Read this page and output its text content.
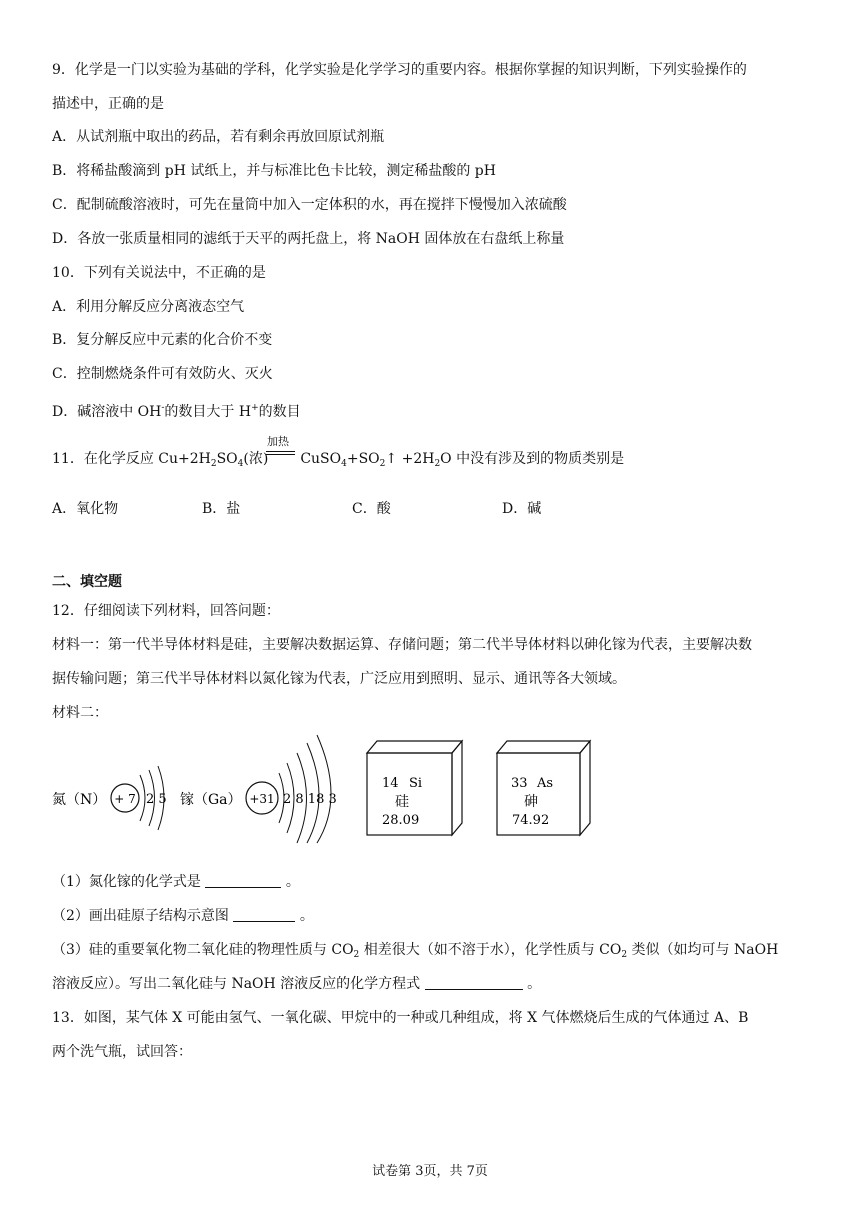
9．化学是一门以实验为基础的学科，化学实验是化学学习的重要内容。根据你掌握的知识判断，下列实验操作的
描述中，正确的是
A．从试剂瓶中取出的药品，若有剩余再放回原试剂瓶
B．将稀盐酸滴到 pH 试纸上，并与标准比色卡比较，测定稀盐酸的 pH
C．配制硫酸溶液时，可先在量筒中加入一定体积的水，再在搅拌下慢慢加入浓硫酸
D．各放一张质量相同的滤纸于天平的两托盘上，将 NaOH 固体放在右盘纸上称量
10．下列有关说法中，不正确的是
A．利用分解反应分离液态空气
B．复分解反应中元素的化合价不变
C．控制燃烧条件可有效防火、灭火
D．碱溶液中 OH-的数目大于 H+的数目
加热
11．在化学反应 $Cu+2H_2SO_4$(浓) $CuSO_4+SO_2↑ +2H_2O$ 中没有涉及到的物质类别是
A．氧化物	B．盐	C．酸	D．碱
二、填空题
12．仔细阅读下列材料，回答问题：
材料一：第一代半导体材料是硅，主要解决数据运算、存储问题；第二代半导体材料以砷化镓为代表，主要解决数
据传输问题；第三代半导体材料以氮化镓为代表，广泛应用到照明、显示、通讯等各大领域。
材料二：
氮（N） + 7 2 5 镓（Ga） +31 2 8 18 3
14 Si
硅
28.09
33 As
砷
74.92
（1）氮化镓的化学式是	。
（2）画出硅原子结构示意图	。
（3）硅的重要氧化物二氧化硅的物理性质与 $CO_2$ 相差很大（如不溶于水），化学性质与 $CO_2$ 类似（如均可与 NaOH
溶液反应）。写出二氧化硅与 NaOH 溶液反应的化学方程式	。
13．如图，某气体 X 可能由氢气、一氧化碳、甲烷中的一种或几种组成，将 X 气体燃烧后生成的气体通过 A、B
两个洗气瓶，试回答：
试卷第 3页，共 7页
